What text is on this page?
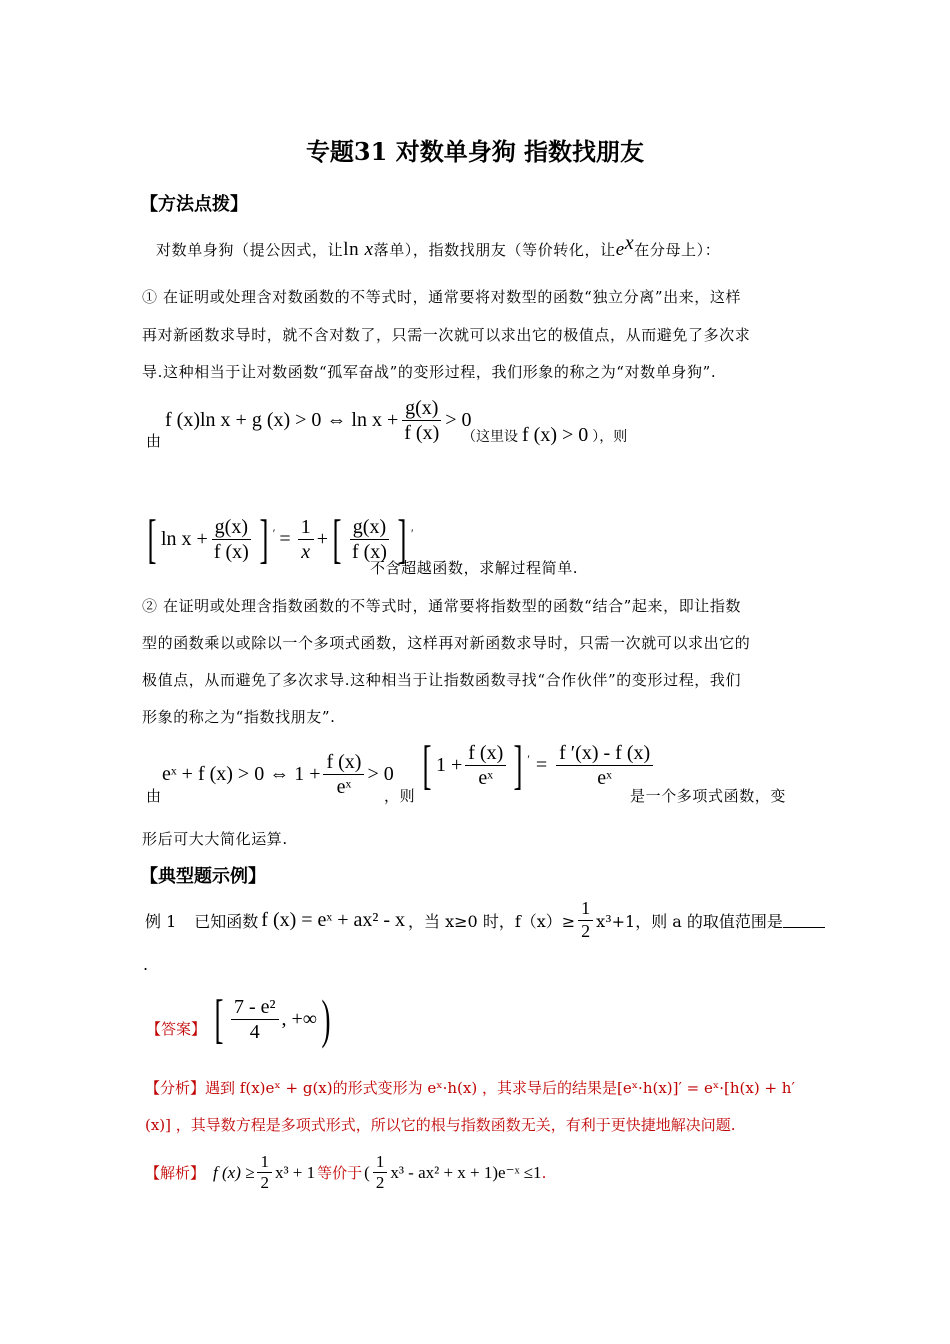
专题31 对数单身狗 指数找朋友
【方法点拨】
对数单身狗（提公因式，让ln x落单），指数找朋友（等价转化，让$e^x$在分母上）：
① 在证明或处理含对数函数的不等式时，通常要将对数型的函数“独立分离”出来，这样
再对新函数求导时，就不含对数了，只需一次就可以求出它的极值点，从而避免了多次求
导.这种相当于让对数函数“孤军奋战”的变形过程，我们形象的称之为“对数单身狗”.
由
f (x)ln x + g (x) > 0 ⇔ $\ln x + \frac{g(x)}{f (x)} > 0$
（这里设 f (x) > 0 ），则
[ $\ln x + \frac{g(x)}{f (x)}$ ] $' = \frac{1}{x}$ + [ $\frac{g(x)}{f (x)}$ ] ′
不含超越函数，求解过程简单.
② 在证明或处理含指数函数的不等式时，通常要将指数型的函数“结合”起来，即让指数
型的函数乘以或除以一个多项式函数，这样再对新函数求导时，只需一次就可以求出它的
极值点，从而避免了多次求导.这种相当于让指数函数寻找“合作伙伴”的变形过程，我们
形象的称之为“指数找朋友”.
由
eˣ + f (x) > 0 ⇔ $1 + \frac{f (x)}{\text{eˣ}} > 0$
，则
[ $1 + \frac{f (x)}{\text{eˣ}}$ ] $' = \frac{f '(x) - f (x)}{\text{eˣ}}$
是一个多项式函数，变
形后可大大简化运算.
【典型题示例】
例 1 已知函数 f (x) = eˣ + ax² - x ，当 x≥0 时，$f(x)\ge \frac{1}{2} x^3+1$，则 a 的取值范围是
.
【答案】 [ $\frac{\text{7 - e²}}{4}$ , +∞ )
【分析】遇到 f(x)eˣ + g(x)的形式变形为 eˣ·h(x) ，其求导后的结果是[eˣ·h(x)]′ = eˣ·[h(x) + h′
(x)] ，其导数方程是多项式形式，所以它的根与指数函数无关，有利于更快捷地解决问题.
【解析】 f $(x) \ge \frac{1}{2} x^3 + 1$ 等价于 ( $\frac{1}{2} x^3 - ax^2 + x$ + 1)e⁻ˣ ≤1 .
